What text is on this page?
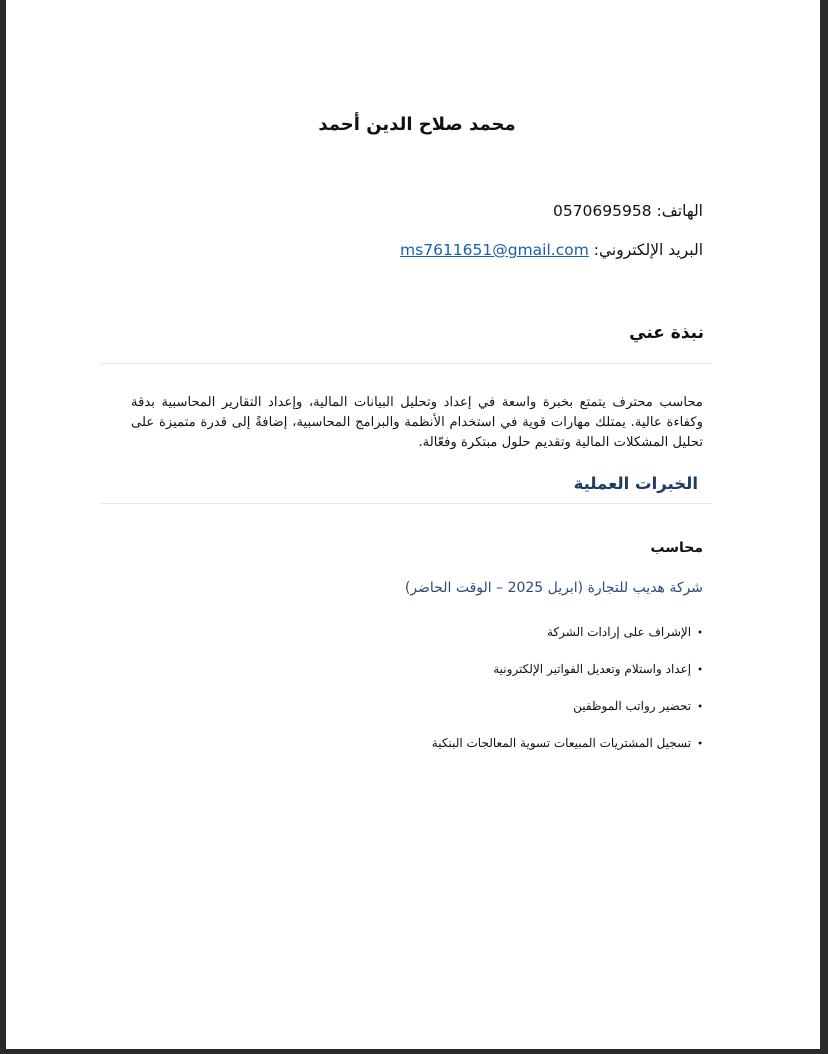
محمد صلاح الدين أحمد
الهاتف: 0570695958
البريد الإلكتروني: ms7611651@gmail.com
نبذة عني
محاسب محترف يتمتع بخبرة واسعة في إعداد وتحليل البيانات المالية، وإعداد التقارير المحاسبية بدقة وكفاءة عالية. يمتلك مهارات قوية في استخدام الأنظمة والبرامج المحاسبية، إضافةً إلى قدرة متميزة على تحليل المشكلات المالية وتقديم حلول مبتكرة وفعّالة.
الخبرات العملية
محاسب
شركة هديب للتجارة (ابريل 2025 – الوقت الحاضر)
•الإشراف على إرادات الشركة
•إعداد واستلام وتعديل الفواتير الإلكترونية
•تحضير رواتب الموظفين
•تسجيل المشتريات المبيعات تسوية المعالجات البنكية
